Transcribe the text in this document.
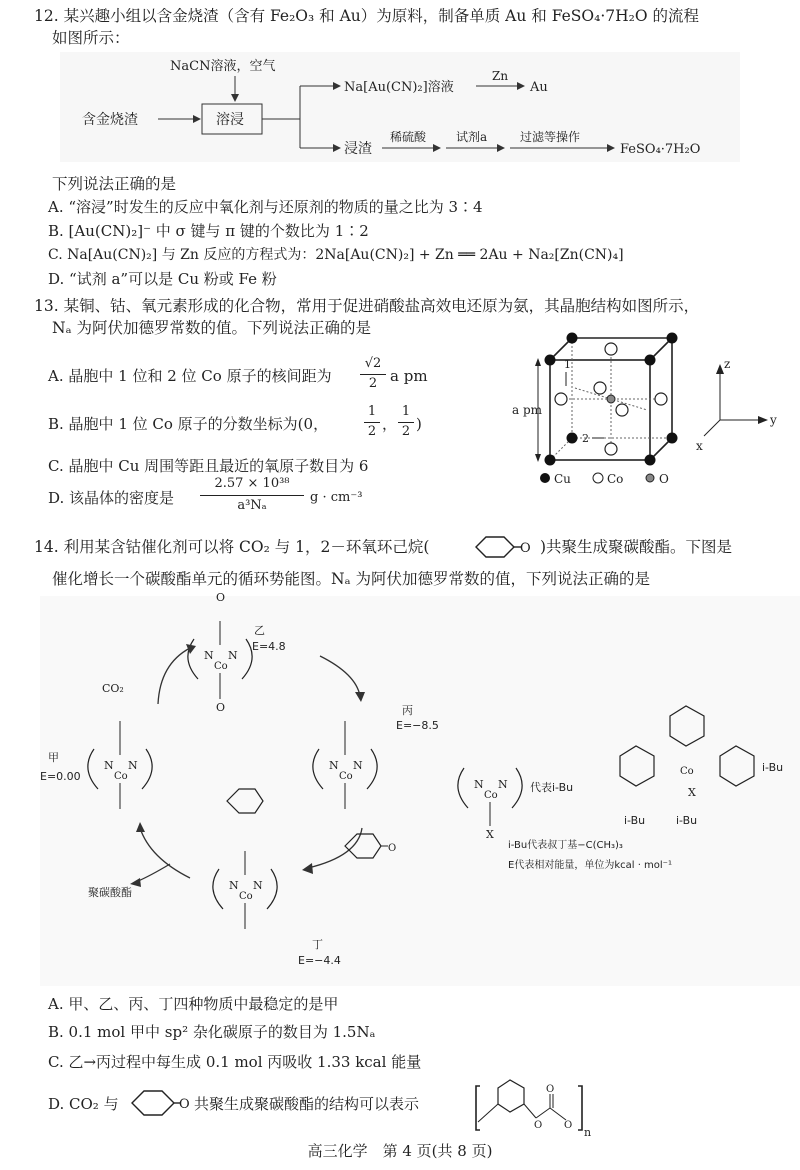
12. 某兴趣小组以含金烧渣（含有 Fe₂O₃ 和 Au）为原料，制备单质 Au 和 FeSO₄·7H₂O 的流程
如图所示：
NaCN溶液，空气
含金烧渣	溶浸
Na[Au(CN)₂]溶液
Zn
Au
浸渣
稀硫酸 试剂a	过滤等操作
FeSO₄·7H₂O
下列说法正确的是
A. “溶浸”时发生的反应中氧化剂与还原剂的物质的量之比为 3∶4
B. [Au(CN)₂]⁻ 中 σ 键与 π 键的个数比为 1∶2
C. Na[Au(CN)₂] 与 Zn 反应的方程式为：2Na[Au(CN)₂] + Zn ══ 2Au + Na₂[Zn(CN)₄]
D. “试剂 a”可以是 Cu 粉或 Fe 粉
13. 某铜、钴、氧元素形成的化合物，常用于促进硝酸盐高效电还原为氨，其晶胞结构如图所示，
Nₐ 为阿伏加德罗常数的值。下列说法正确的是
A. 晶胞中 1 位和 2 位 Co 原子的核间距为
√2
2 a pm
B. 晶胞中 1 位 Co 原子的分数坐标为(0，
1
2 ，
1
2 )
C. 晶胞中 Cu 周围等距且最近的氧原子数目为 6
D. 该晶体的密度是
2.57 × 10³⁸
a³Nₐ
g · cm⁻³
1
2
a pm
z
y
x
Cu	Co	O
14. 利用某含钴催化剂可以将 CO₂ 与 1，2－环氧环己烷(	O )共聚生成聚碳酸酯。下图是
催化增长一个碳酸酯单元的循环势能图。Nₐ 为阿伏加德罗常数的值，下列说法正确的是
N N
Co
O
O
乙
E=4.8
N N
Co
丙
E=−8.5
N N
Co
丁
E=−4.4
N N
Co
甲
E=0.00
CO₂
O
聚碳酸酯
N N
Co
X
代表 i-Bu
Co
X
i-Bu
i-Bu	i-Bu
i-Bu代表叔丁基−C(CH₃)₃
E代表相对能量，单位为kcal · mol⁻¹
A. 甲、乙、丙、丁四种物质中最稳定的是甲
B. 0.1 mol 甲中 sp² 杂化碳原子的数目为 1.5Nₐ
C. 乙→丙过程中每生成 0.1 mol 丙吸收 1.33 kcal 能量
D. CO₂ 与	O 共聚生成聚碳酸酯的结构可以表示
O
O
O
n
高三化学　第 4 页(共 8 页)
